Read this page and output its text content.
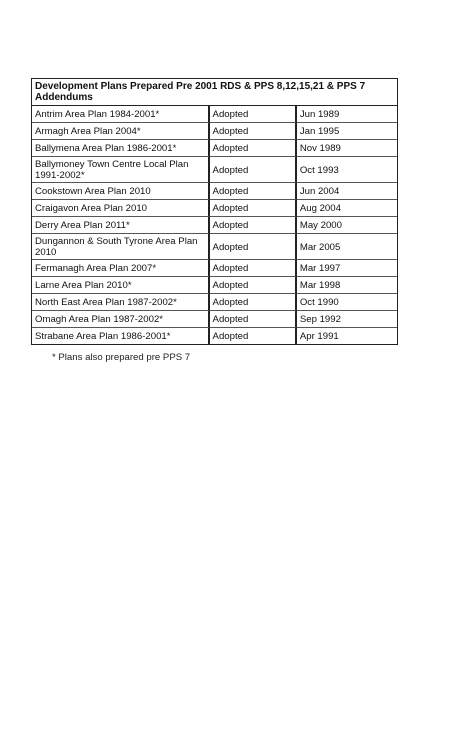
Development Plans Prepared Pre 2001 RDS & PPS 8,12,15,21 & PPS 7 Addendums		
Antrim Area Plan 1984-2001*	Adopted	Jun 1989
Armagh Area Plan 2004*	Adopted	Jan 1995
Ballymena Area Plan 1986-2001*	Adopted	Nov 1989
Ballymoney Town Centre Local Plan 1991-2002*	Adopted	Oct 1993
Cookstown Area Plan 2010	Adopted	Jun 2004
Craigavon Area Plan 2010	Adopted	Aug 2004
Derry Area Plan 2011*	Adopted	May 2000
Dungannon & South Tyrone Area Plan 2010	Adopted	Mar 2005
Fermanagh Area Plan 2007*	Adopted	Mar 1997
Larne Area Plan 2010*	Adopted	Mar 1998
North East Area Plan 1987-2002*	Adopted	Oct 1990
Omagh Area Plan 1987-2002*	Adopted	Sep 1992
Strabane Area Plan 1986-2001*	Adopted	Apr 1991
* Plans also prepared pre PPS 7
